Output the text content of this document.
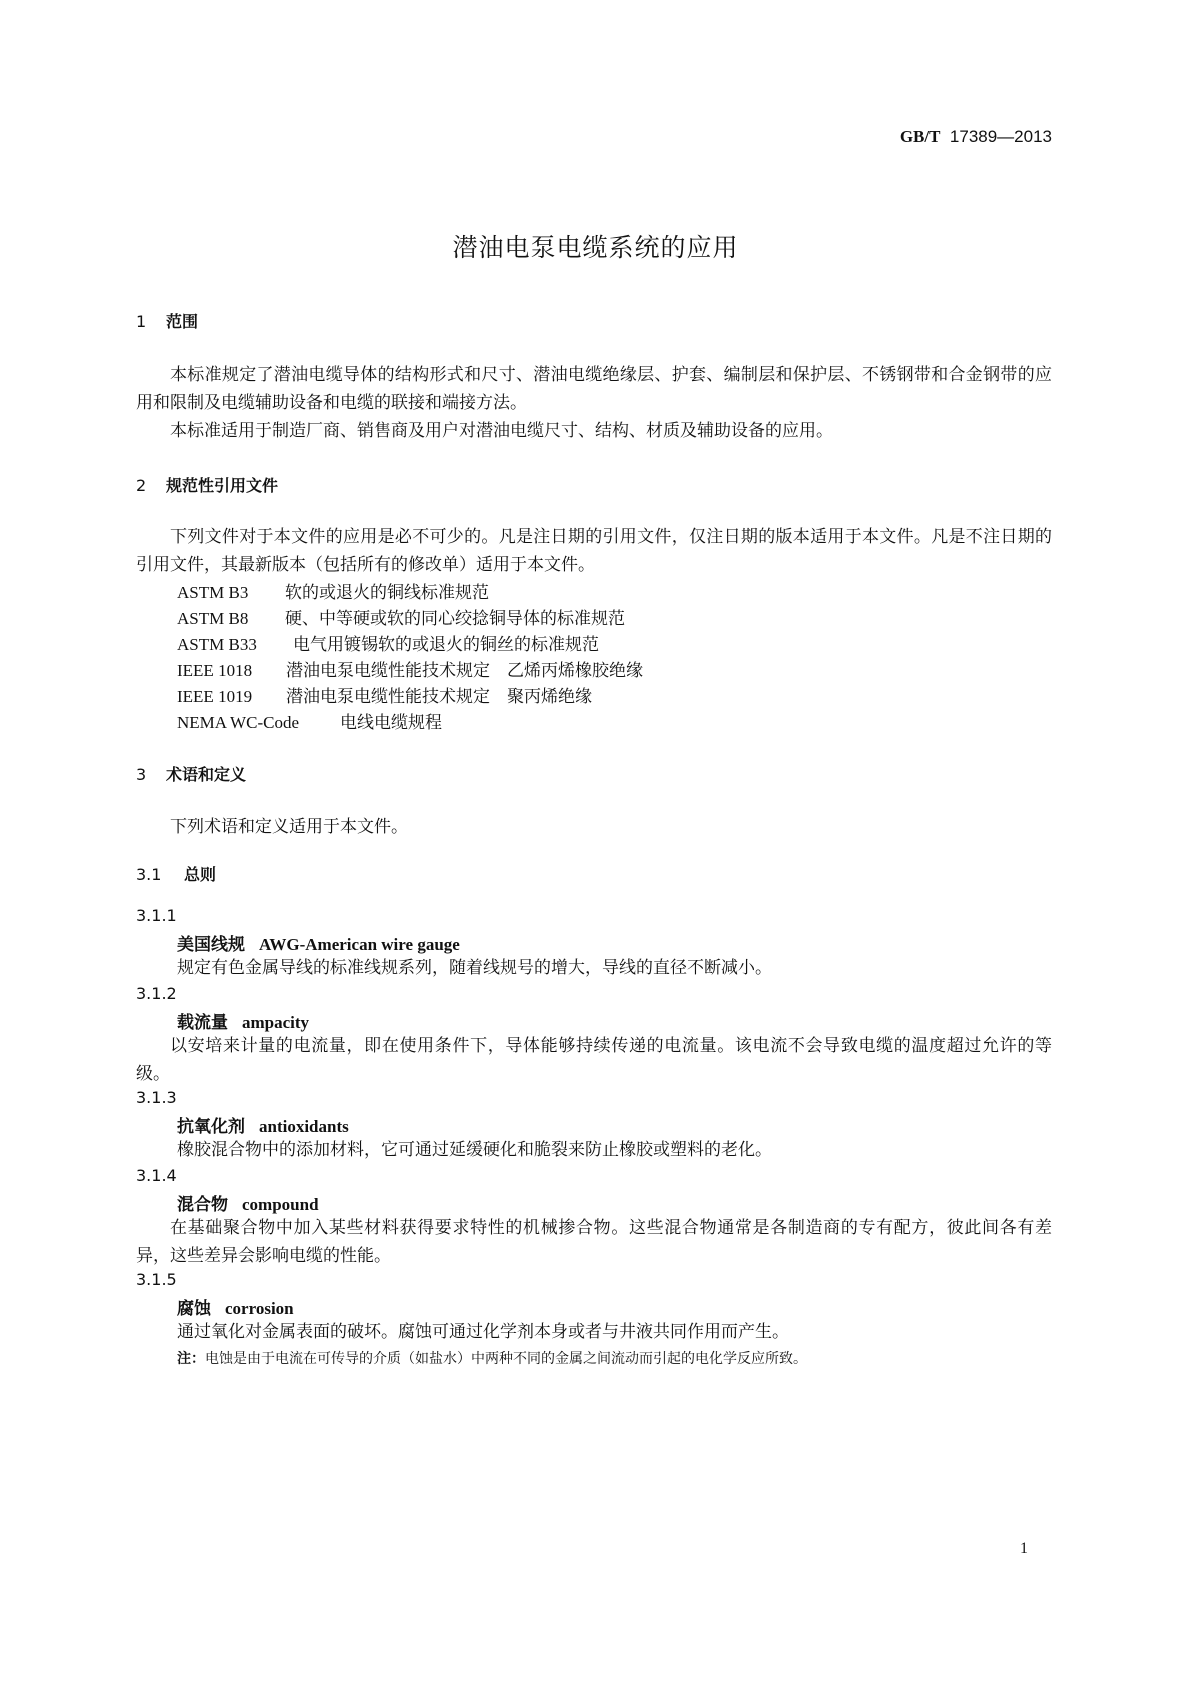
GB/T 17389—2013
潜油电泵电缆系统的应用
1 范围
本标准规定了潜油电缆导体的结构形式和尺寸、潜油电缆绝缘层、护套、编制层和保护层、不锈钢带和合金钢带的应用和限制及电缆辅助设备和电缆的联接和端接方法。
本标准适用于制造厂商、销售商及用户对潜油电缆尺寸、结构、材质及辅助设备的应用。
2 规范性引用文件
下列文件对于本文件的应用是必不可少的。凡是注日期的引用文件，仅注日期的版本适用于本文件。凡是不注日期的引用文件，其最新版本（包括所有的修改单）适用于本文件。
ASTM B3 软的或退火的铜线标准规范
ASTM B8 硬、中等硬或软的同心绞捻铜导体的标准规范
ASTM B33 电气用镀锡软的或退火的铜丝的标准规范
IEEE 1018 潜油电泵电缆性能技术规定　乙烯丙烯橡胶绝缘
IEEE 1019 潜油电泵电缆性能技术规定　聚丙烯绝缘
NEMA WC-Code 电线电缆规程
3 术语和定义
下列术语和定义适用于本文件。
3.1 总则
3.1.1
美国线规 AWG-American wire gauge
规定有色金属导线的标准线规系列，随着线规号的增大，导线的直径不断减小。
3.1.2
载流量 ampacity
以安培来计量的电流量，即在使用条件下，导体能够持续传递的电流量。该电流不会导致电缆的温度超过允许的等级。
3.1.3
抗氧化剂 antioxidants
橡胶混合物中的添加材料，它可通过延缓硬化和脆裂来防止橡胶或塑料的老化。
3.1.4
混合物 compound
在基础聚合物中加入某些材料获得要求特性的机械掺合物。这些混合物通常是各制造商的专有配方，彼此间各有差异，这些差异会影响电缆的性能。
3.1.5
腐蚀 corrosion
通过氧化对金属表面的破坏。腐蚀可通过化学剂本身或者与井液共同作用而产生。
注：电蚀是由于电流在可传导的介质（如盐水）中两种不同的金属之间流动而引起的电化学反应所致。
1
